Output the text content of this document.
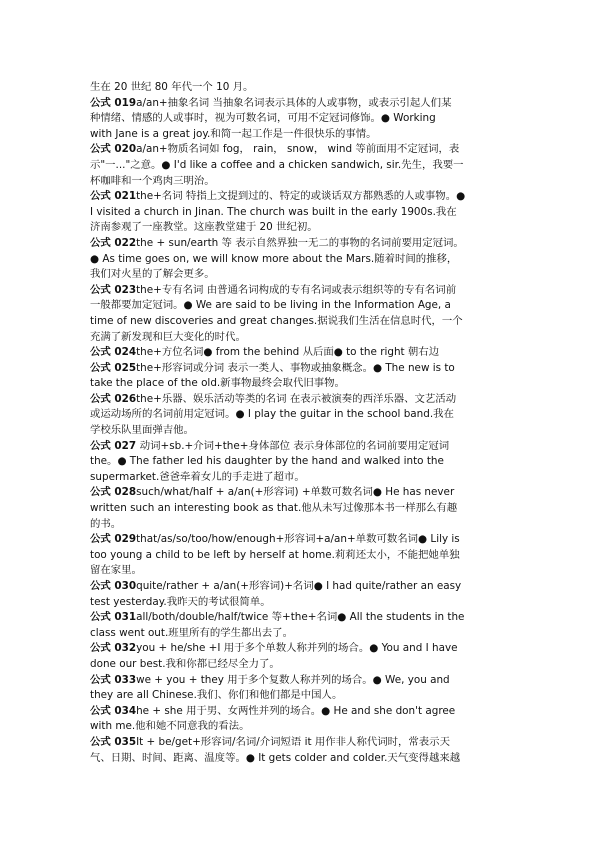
生在 20 世纪 80 年代一个 10 月。
公式 019a/an+抽象名词 当抽象名词表示具体的人或事物，或表示引起人们某
种情绪、情感的人或事时，视为可数名词，可用不定冠词修饰。● Working
with Jane is a great joy.和简一起工作是一件很快乐的事情。
公式 020a/an+物质名词如 fog， rain， snow， wind 等前面用不定冠词，表
示"一..."之意。● I'd like a coffee and a chicken sandwich, sir.先生，我要一
杯咖啡和一个鸡肉三明治。
公式 021the+名词 特指上文提到过的、特定的或谈话双方都熟悉的人或事物。●
I visited a church in Jinan. The church was built in the early 1900s.我在
济南参观了一座教堂。这座教堂建于 20 世纪初。
公式 022the + sun/earth 等 表示自然界独一无二的事物的名词前要用定冠词。
● As time goes on, we will know more about the Mars.随着时间的推移，
我们对火星的了解会更多。
公式 023the+专有名词 由普通名词构成的专有名词或表示组织等的专有名词前
一般都要加定冠词。● We are said to be living in the Information Age, a
time of new discoveries and great changes.据说我们生活在信息时代，一个
充满了新发现和巨大变化的时代。
公式 024the+方位名词● from the behind 从后面● to the right 朝右边
公式 025the+形容词或分词 表示一类人、事物或抽象概念。● The new is to
take the place of the old.新事物最终会取代旧事物。
公式 026the+乐器、娱乐活动等类的名词 在表示被演奏的西洋乐器、文艺活动
或运动场所的名词前用定冠词。● I play the guitar in the school band.我在
学校乐队里面弹吉他。
公式 027 动词+sb.+介词+the+身体部位 表示身体部位的名词前要用定冠词
the。● The father led his daughter by the hand and walked into the
supermarket.爸爸牵着女儿的手走进了超市。
公式 028such/what/half + a/an(+形容词) +单数可数名词● He has never
written such an interesting book as that.他从未写过像那本书一样那么有趣
的书。
公式 029that/as/so/too/how/enough+形容词+a/an+单数可数名词● Lily is
too young a child to be left by herself at home.莉莉还太小，不能把她单独
留在家里。
公式 030quite/rather + a/an(+形容词)+名词● I had quite/rather an easy
test yesterday.我昨天的考试很简单。
公式 031all/both/double/half/twice 等+the+名词● All the students in the
class went out.班里所有的学生都出去了。
公式 032you + he/she +I 用于多个单数人称并列的场合。● You and I have
done our best.我和你都已经尽全力了。
公式 033we + you + they 用于多个复数人称并列的场合。● We, you and
they are all Chinese.我们、你们和他们都是中国人。
公式 034he + she 用于男、女两性并列的场合。● He and she don't agree
with me.他和她不同意我的看法。
公式 035It + be/get+形容词/名词/介词短语 it 用作非人称代词时，常表示天
气、日期、时间、距离、温度等。● It gets colder and colder.天气变得越来越
